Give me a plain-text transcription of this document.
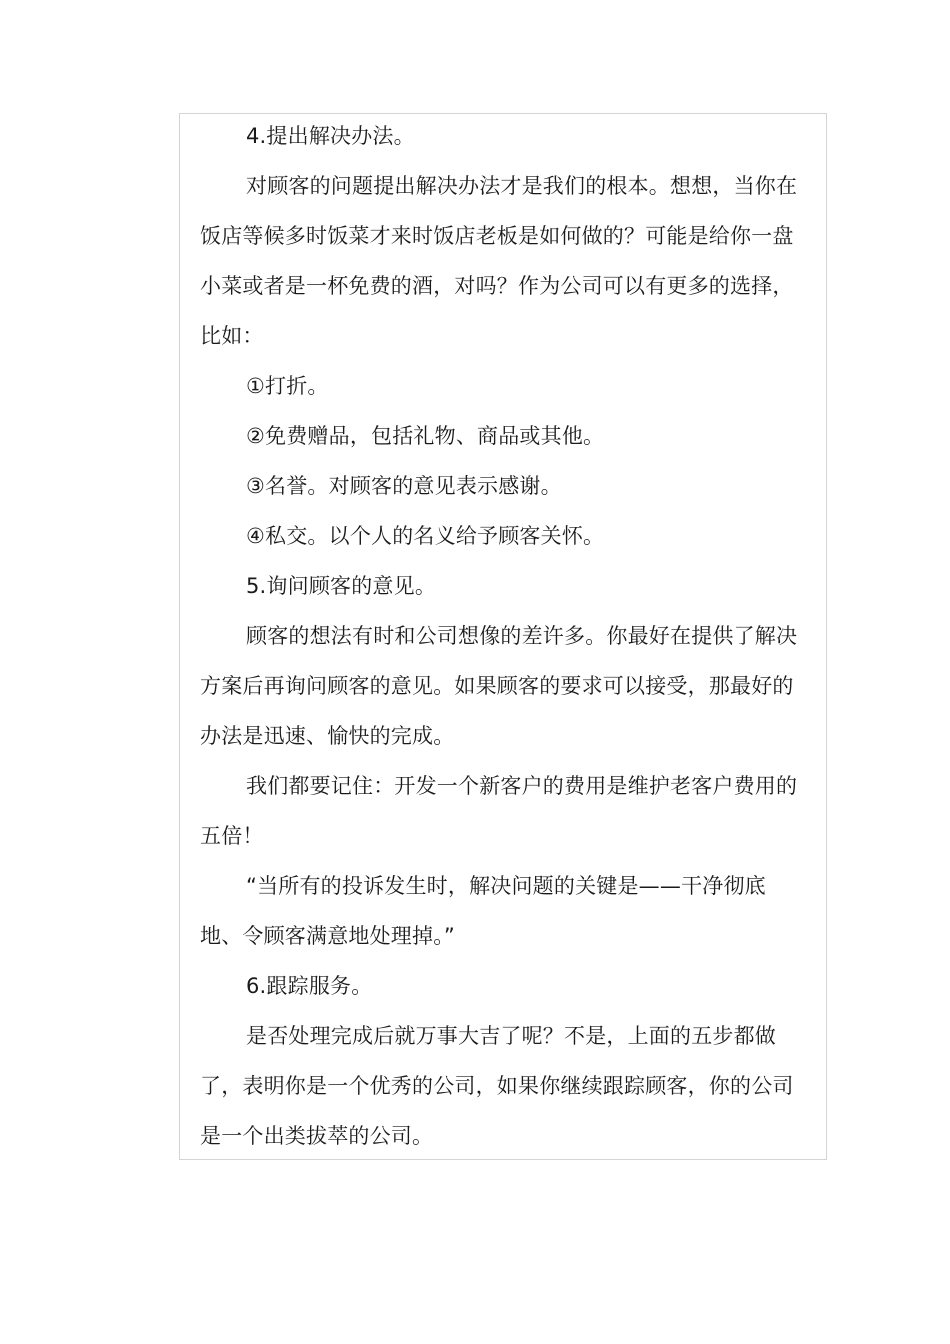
4.提出解决办法。

对顾客的问题提出解决办法才是我们的根本。想想，当你在饭店等候多时饭菜才来时饭店老板是如何做的？可能是给你一盘小菜或者是一杯免费的酒，对吗？作为公司可以有更多的选择，比如：

①打折。

②免费赠品，包括礼物、商品或其他。

③名誉。对顾客的意见表示感谢。

④私交。以个人的名义给予顾客关怀。

5.询问顾客的意见。

顾客的想法有时和公司想像的差许多。你最好在提供了解决方案后再询问顾客的意见。如果顾客的要求可以接受，那最好的办法是迅速、愉快的完成。

我们都要记住：开发一个新客户的费用是维护老客户费用的五倍！

“当所有的投诉发生时，解决问题的关键是——干净彻底地、令顾客满意地处理掉。”

6.跟踪服务。

是否处理完成后就万事大吉了呢？不是，上面的五步都做了，表明你是一个优秀的公司，如果你继续跟踪顾客，你的公司是一个出类拔萃的公司。
